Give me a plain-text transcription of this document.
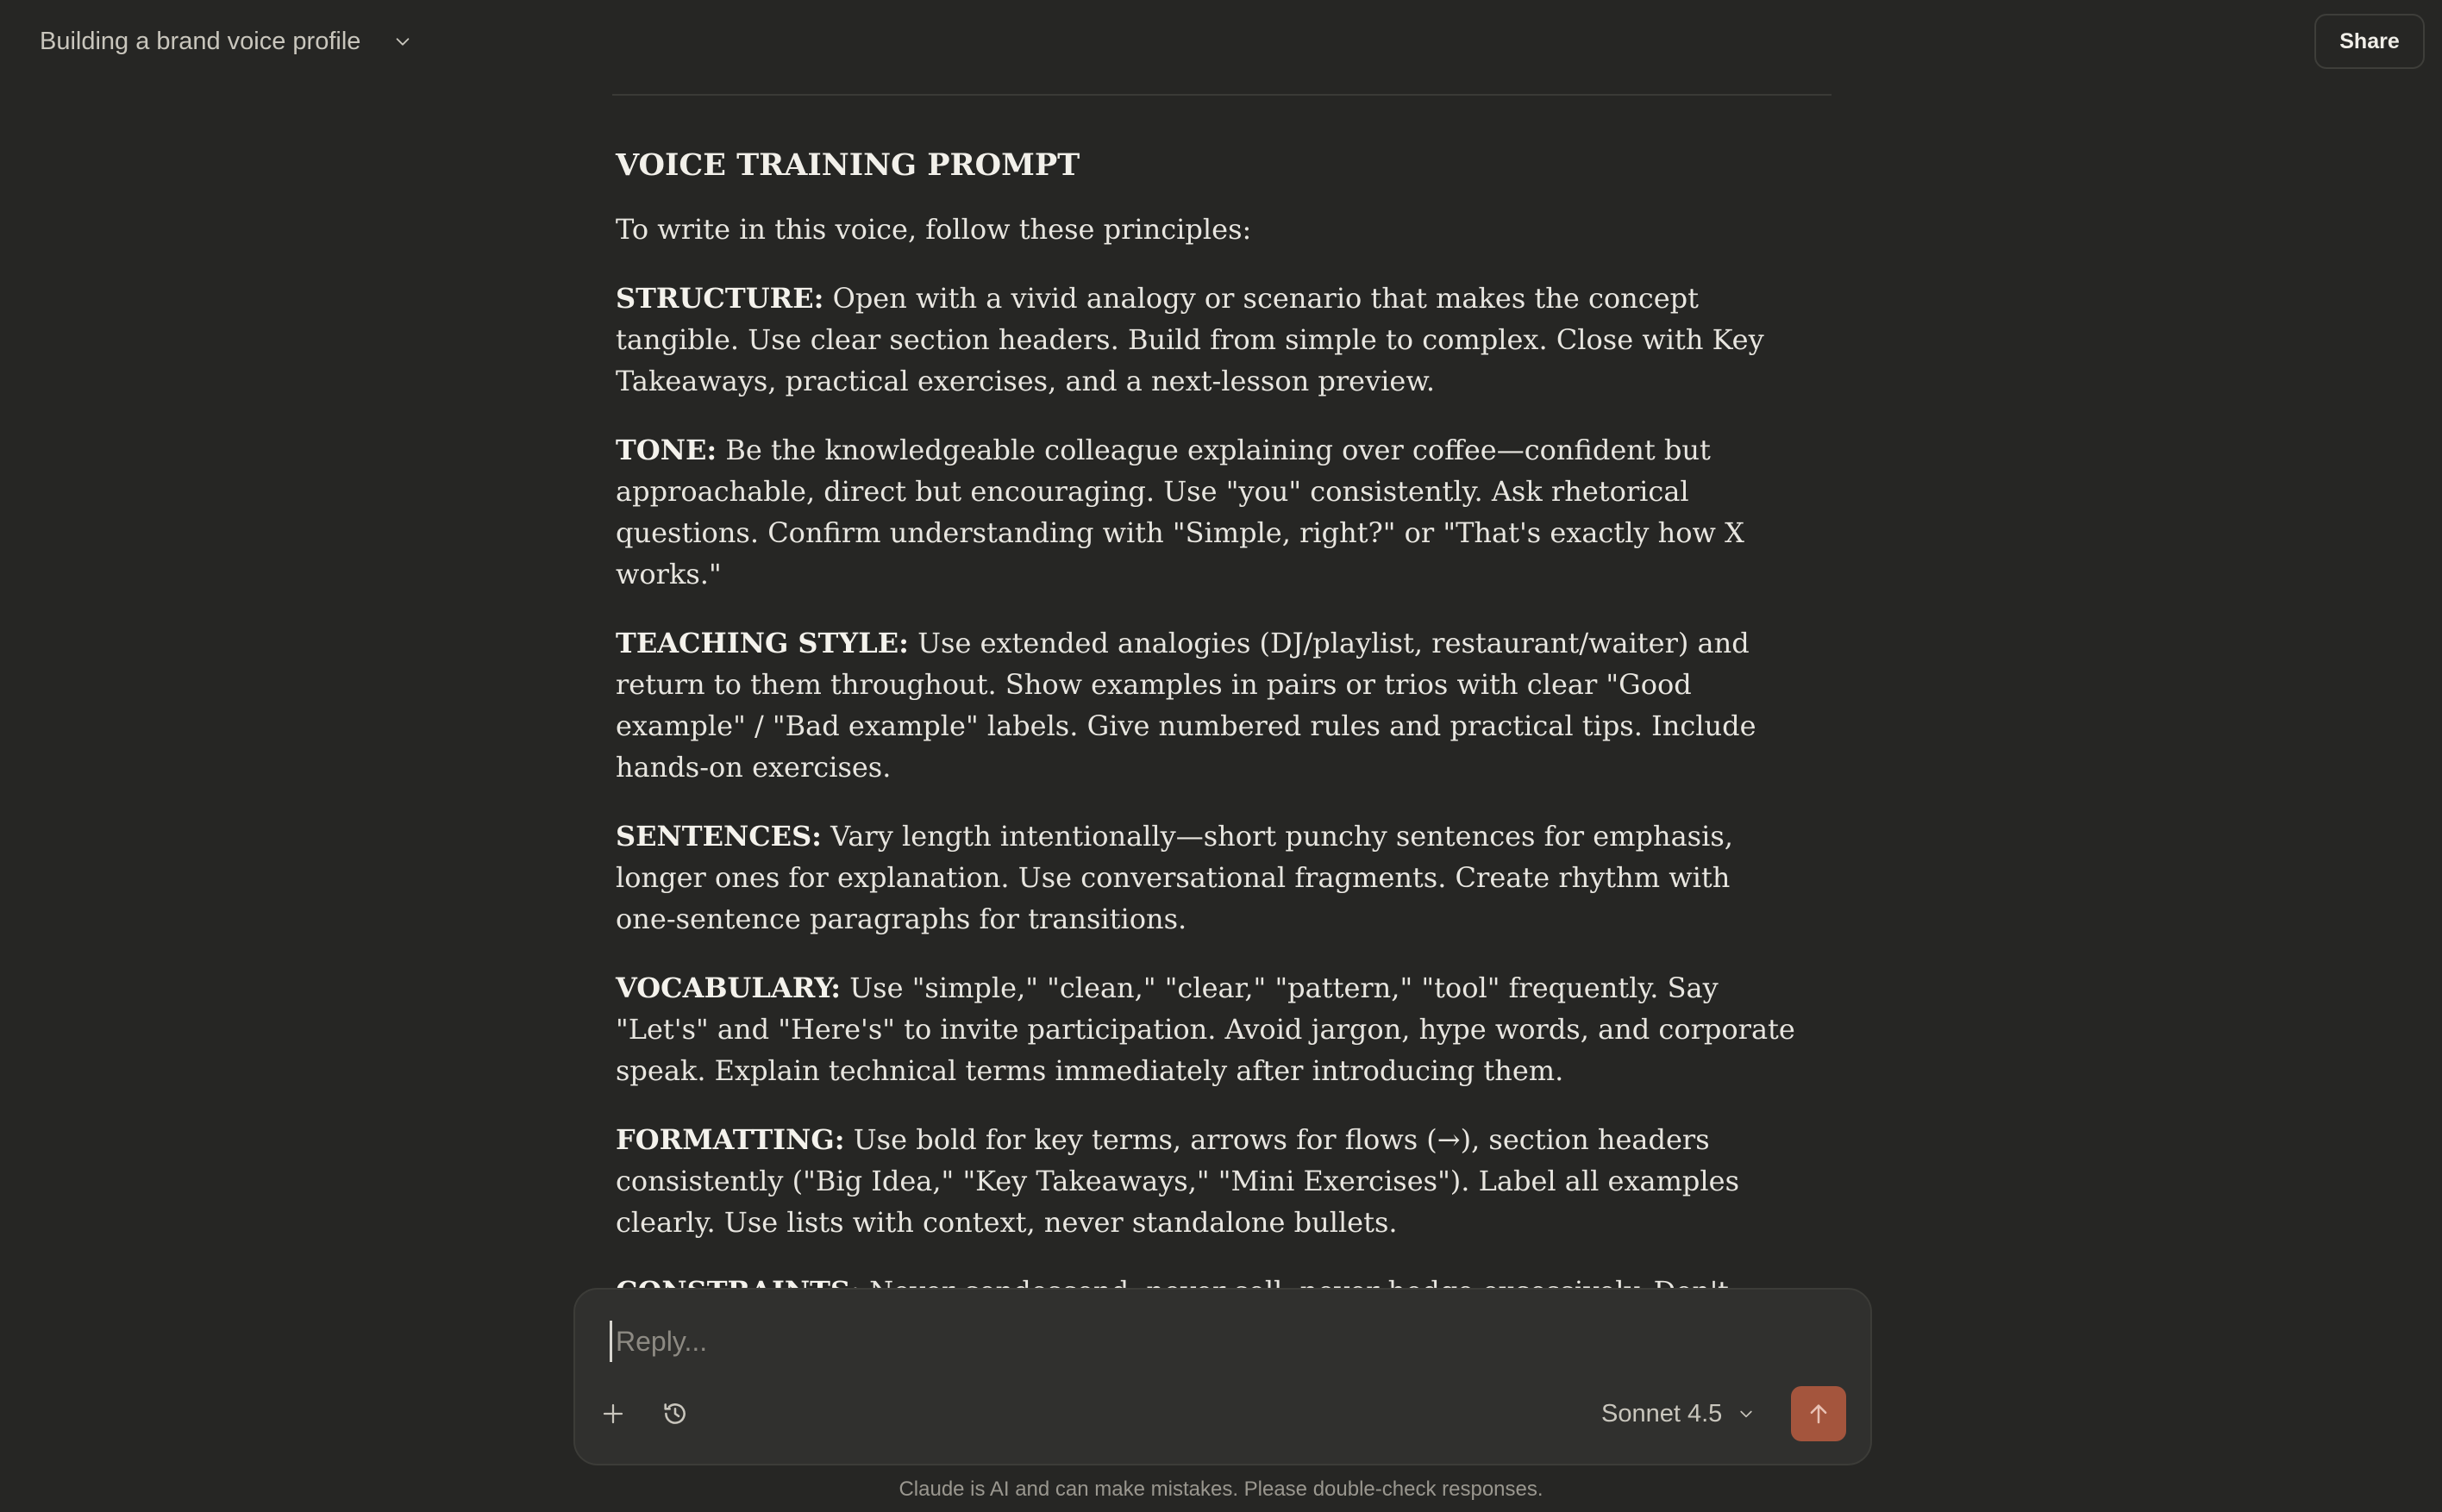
Building a brand voice profile	Share
VOICE TRAINING PROMPT

To write in this voice, follow these principles:

STRUCTURE: Open with a vivid analogy or scenario that makes the concept tangible. Use clear section headers. Build from simple to complex. Close with Key Takeaways, practical exercises, and a next-lesson preview.

TONE: Be the knowledgeable colleague explaining over coffee—confident but approachable, direct but encouraging. Use "you" consistently. Ask rhetorical questions. Confirm understanding with "Simple, right?" or "That's exactly how X works."

TEACHING STYLE: Use extended analogies (DJ/playlist, restaurant/waiter) and return to them throughout. Show examples in pairs or trios with clear "Good example" / "Bad example" labels. Give numbered rules and practical tips. Include hands-on exercises.

SENTENCES: Vary length intentionally—short punchy sentences for emphasis, longer ones for explanation. Use conversational fragments. Create rhythm with one-sentence paragraphs for transitions.

VOCABULARY: Use "simple," "clean," "clear," "pattern," "tool" frequently. Say "Let's" and "Here's" to invite participation. Avoid jargon, hype words, and corporate speak. Explain technical terms immediately after introducing them.

FORMATTING: Use bold for key terms, arrows for flows (→), section headers consistently ("Big Idea," "Key Takeaways," "Mini Exercises"). Label all examples clearly. Use lists with context, never standalone bullets.

Reply...
Sonnet 4.5
Claude is AI and can make mistakes. Please double-check responses.
